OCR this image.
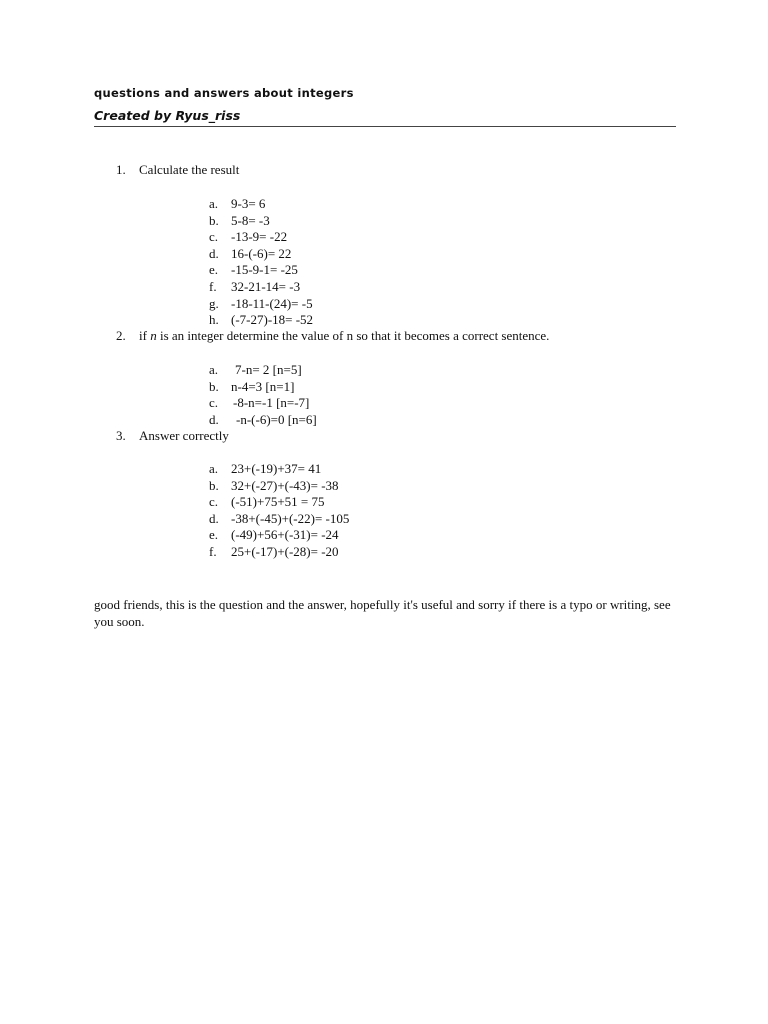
questions and answers about integers
Created by Ryus_riss
1. Calculate the result
a. 9-3= 6
b. 5-8= -3
c. -13-9= -22
d. 16-(-6)= 22
e. -15-9-1= -25
f. 32-21-14= -3
g. -18-11-(24)= -5
h. (-7-27)-18= -52
2. if n is an integer determine the value of n so that it becomes a correct sentence.
a. 7-n= 2 [n=5]
b. n-4=3 [n=1]
c. -8-n=-1 [n=-7]
d. -n-(-6)=0 [n=6]
3. Answer correctly
a. 23+(-19)+37= 41
b. 32+(-27)+(-43)= -38
c. (-51)+75+51 = 75
d. -38+(-45)+(-22)= -105
e. (-49)+56+(-31)= -24
f. 25+(-17)+(-28)= -20
good friends, this is the question and the answer, hopefully it's useful and sorry if there is a typo or writing, see you soon.
